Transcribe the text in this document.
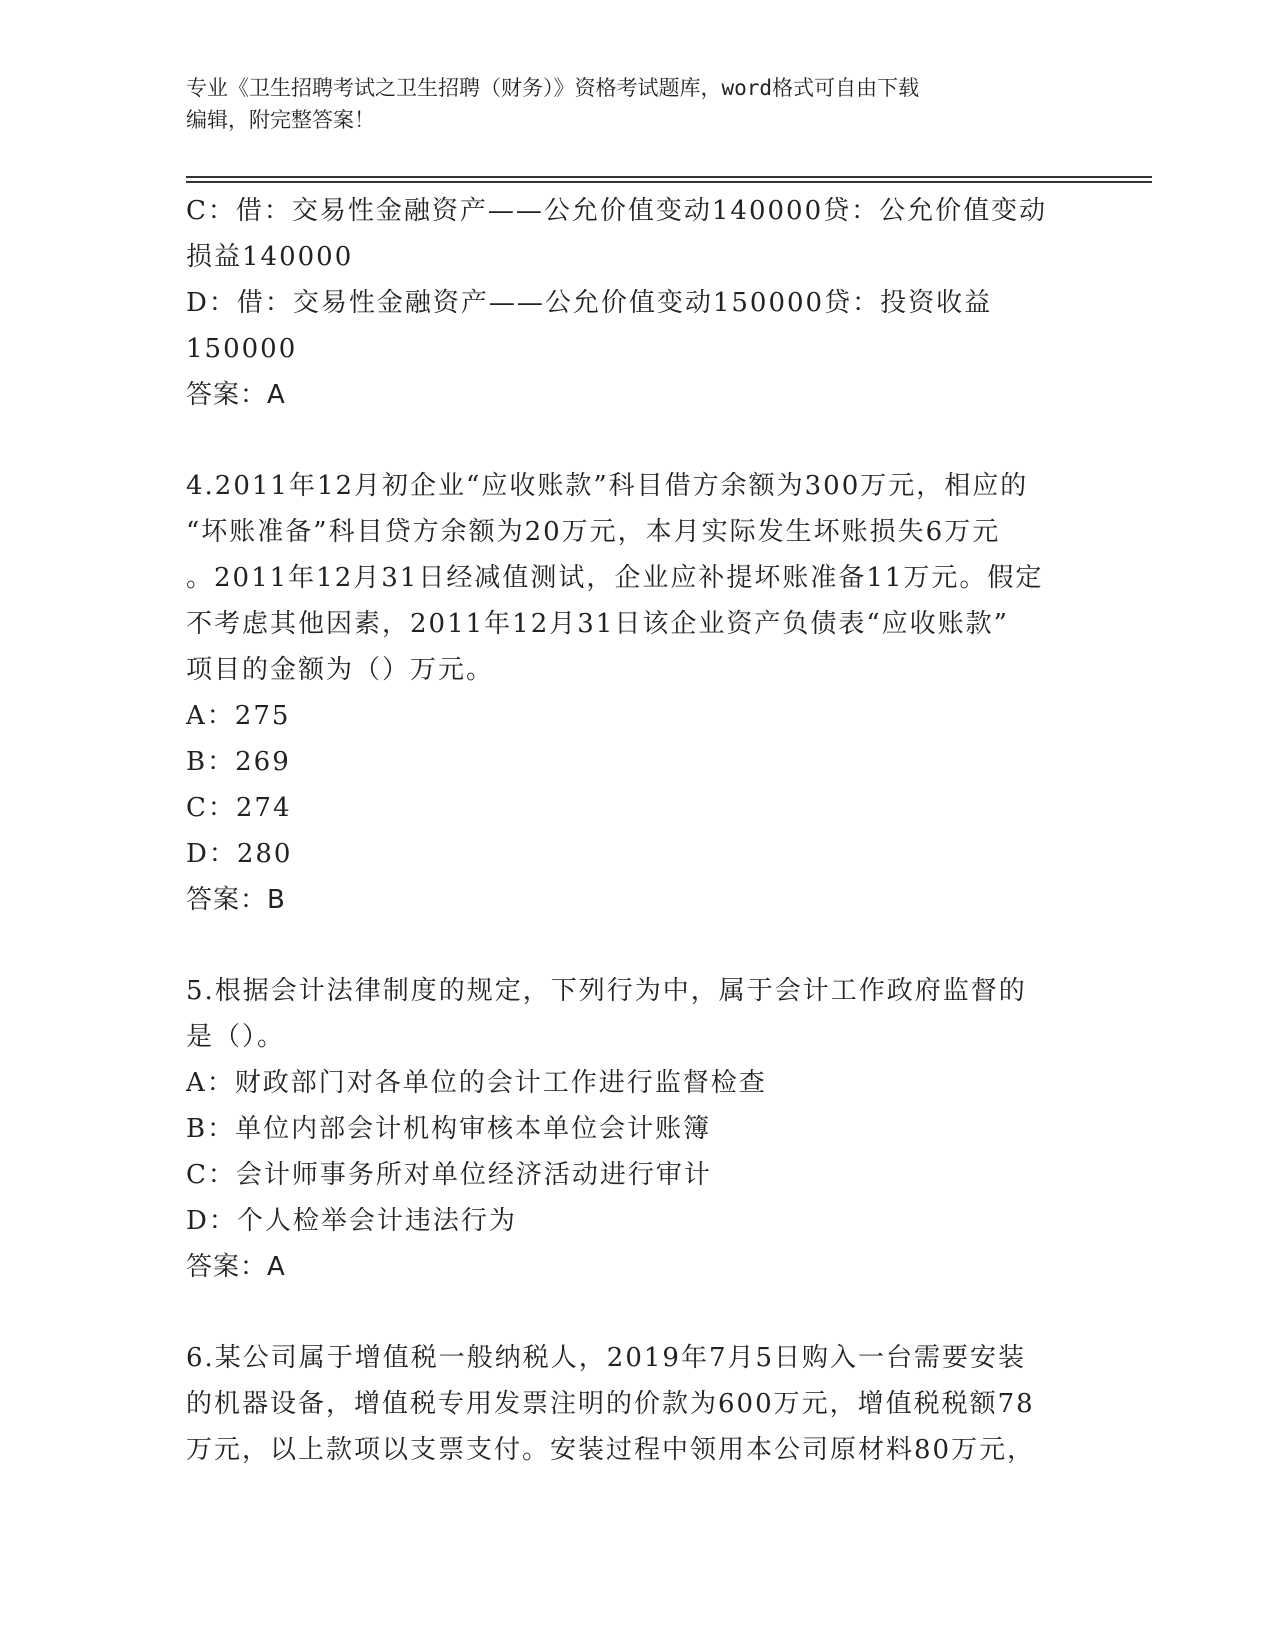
专业《卫生招聘考试之卫生招聘（财务）》资格考试题库，word格式可自由下载
编辑，附完整答案！
C：借：交易性金融资产——公允价值变动140000贷：公允价值变动
损益140000
D：借：交易性金融资产——公允价值变动150000贷：投资收益
150000
答案：A
4.2011年12月初企业“应收账款”科目借方余额为300万元，相应的
“坏账准备”科目贷方余额为20万元，本月实际发生坏账损失6万元
。2011年12月31日经减值测试，企业应补提坏账准备11万元。假定
不考虑其他因素，2011年12月31日该企业资产负债表“应收账款”
项目的金额为（）万元。
A：275
B：269
C：274
D：280
答案：B
5.根据会计法律制度的规定，下列行为中，属于会计工作政府监督的
是（）。
A：财政部门对各单位的会计工作进行监督检查
B：单位内部会计机构审核本单位会计账簿
C：会计师事务所对单位经济活动进行审计
D：个人检举会计违法行为
答案：A
6.某公司属于增值税一般纳税人，2019年7月5日购入一台需要安装
的机器设备，增值税专用发票注明的价款为600万元，增值税税额78
万元，以上款项以支票支付。安装过程中领用本公司原材料80万元，
